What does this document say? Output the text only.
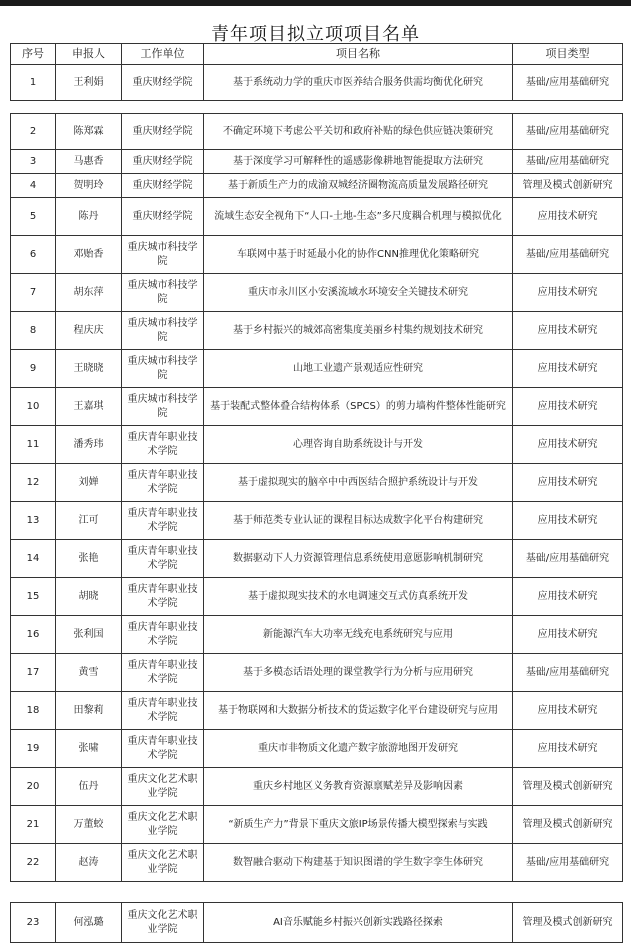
青年项目拟立项项目名单
序号	申报人	工作单位	项目名称	项目类型
1	王利娟	重庆财经学院	基于系统动力学的重庆市医养结合服务供需均衡优化研究	基础/应用基础研究
2	陈郑霖	重庆财经学院	不确定环境下考虑公平关切和政府补贴的绿色供应链决策研究	基础/应用基础研究
3	马惠香	重庆财经学院	基于深度学习可解释性的遥感影像耕地智能提取方法研究	基础/应用基础研究
4	贺明玲	重庆财经学院	基于新质生产力的成渝双城经济圈物流高质量发展路径研究	管理及模式创新研究
5	陈丹	重庆财经学院	流域生态安全视角下“人口-土地-生态”多尺度耦合机理与模拟优化	应用技术研究
6	邓贻香	重庆城市科技学院	车联网中基于时延最小化的协作CNN推理优化策略研究	基础/应用基础研究
7	胡东萍	重庆城市科技学院	重庆市永川区小安溪流域水环境安全关键技术研究	应用技术研究
8	程庆庆	重庆城市科技学院	基于乡村振兴的城郊高密集度美丽乡村集约规划技术研究	应用技术研究
9	王晓晓	重庆城市科技学院	山地工业遗产景观适应性研究	应用技术研究
10	王嘉琪	重庆城市科技学院	基于装配式整体叠合结构体系（SPCS）的剪力墙构件整体性能研究	应用技术研究
11	潘秀玮	重庆青年职业技术学院	心理咨询自助系统设计与开发	应用技术研究
12	刘婵	重庆青年职业技术学院	基于虚拟现实的脑卒中中西医结合照护系统设计与开发	应用技术研究
13	江可	重庆青年职业技术学院	基于师范类专业认证的课程目标达成数字化平台构建研究	应用技术研究
14	张艳	重庆青年职业技术学院	数据驱动下人力资源管理信息系统使用意愿影响机制研究	基础/应用基础研究
15	胡晓	重庆青年职业技术学院	基于虚拟现实技术的水电调速交互式仿真系统开发	应用技术研究
16	张利国	重庆青年职业技术学院	新能源汽车大功率无线充电系统研究与应用	应用技术研究
17	黄雪	重庆青年职业技术学院	基于多模态话语处理的课堂教学行为分析与应用研究	基础/应用基础研究
18	田黎莉	重庆青年职业技术学院	基于物联网和大数据分析技术的货运数字化平台建设研究与应用	应用技术研究
19	张啸	重庆青年职业技术学院	重庆市非物质文化遗产数字旅游地图开发研究	应用技术研究
20	伍丹	重庆文化艺术职业学院	重庆乡村地区义务教育资源禀赋差异及影响因素	管理及模式创新研究
21	万董蛟	重庆文化艺术职业学院	“新质生产力”背景下重庆文旅IP场景传播大模型探索与实践	管理及模式创新研究
22	赵涛	重庆文化艺术职业学院	数智融合驱动下构建基于知识图谱的学生数字孪生体研究	基础/应用基础研究
23	何泓璐	重庆文化艺术职业学院	AI音乐赋能乡村振兴创新实践路径探索	管理及模式创新研究
